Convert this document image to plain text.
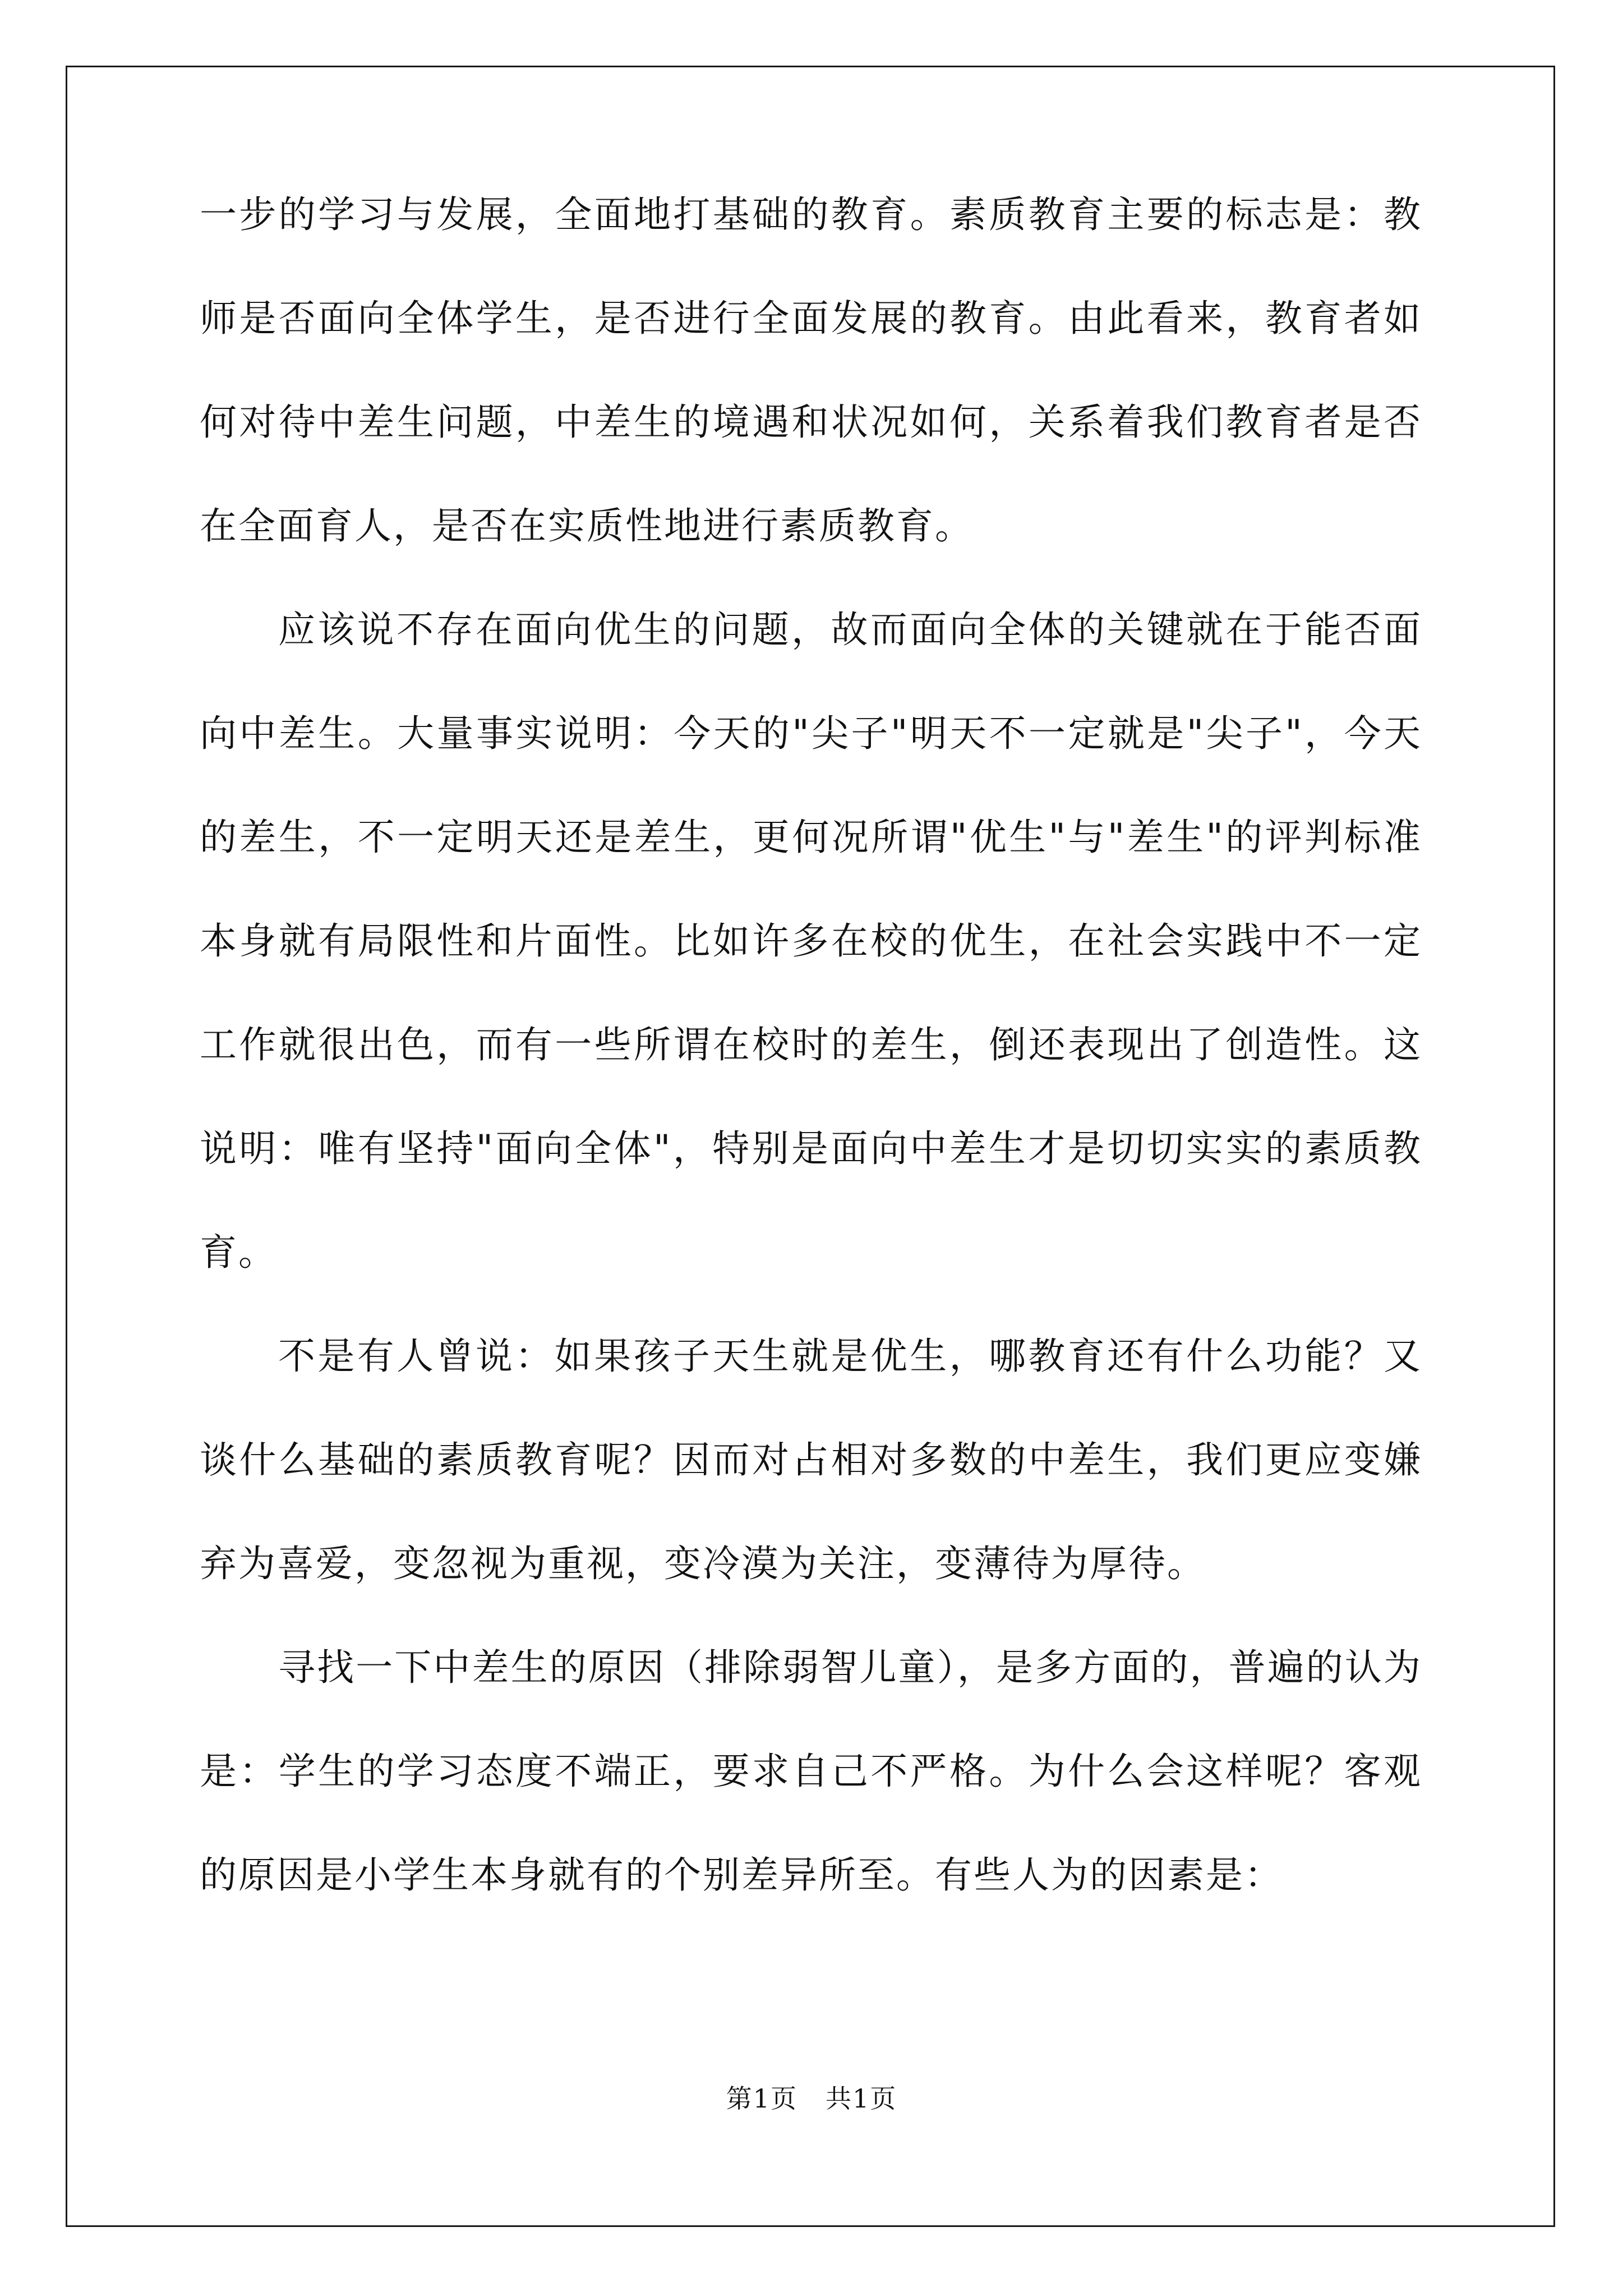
一步的学习与发展，全面地打基础的教育。素质教育主要的标志是：教师是否面向全体学生，是否进行全面发展的教育。由此看来，教育者如何对待中差生问题，中差生的境遇和状况如何，关系着我们教育者是否在全面育人，是否在实质性地进行素质教育。

应该说不存在面向优生的问题，故而面向全体的关键就在于能否面向中差生。大量事实说明：今天的"尖子"明天不一定就是"尖子"，今天的差生，不一定明天还是差生，更何况所谓"优生"与"差生"的评判标准本身就有局限性和片面性。比如许多在校的优生，在社会实践中不一定工作就很出色，而有一些所谓在校时的差生，倒还表现出了创造性。这说明：唯有坚持"面向全体"，特别是面向中差生才是切切实实的素质教育。

不是有人曾说：如果孩子天生就是优生，哪教育还有什么功能？又谈什么基础的素质教育呢？因而对占相对多数的中差生，我们更应变嫌弃为喜爱，变忽视为重视，变冷漠为关注，变薄待为厚待。

寻找一下中差生的原因（排除弱智儿童），是多方面的，普遍的认为是：学生的学习态度不端正，要求自己不严格。为什么会这样呢？客观的原因是小学生本身就有的个别差异所至。有些人为的因素是：

第1页 共1页
